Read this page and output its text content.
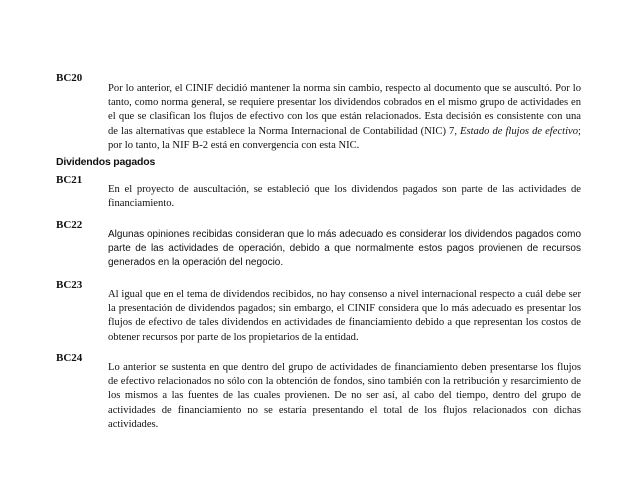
BC20

Por lo anterior, el CINIF decidió mantener la norma sin cambio, respecto al documento que se auscultó. Por lo tanto, como norma general, se requiere presentar los dividendos cobrados en el mismo grupo de actividades en el que se clasifican los flujos de efectivo con los que están relacionados. Esta decisión es consistente con una de las alternativas que establece la Norma Internacional de Contabilidad (NIC) 7, Estado de flujos de efectivo; por lo tanto, la NIF B-2 está en convergencia con esta NIC.

Dividendos pagados

BC21

En el proyecto de auscultación, se estableció que los dividendos pagados son parte de las actividades de financiamiento.

BC22

Algunas opiniones recibidas consideran que lo más adecuado es considerar los dividendos pagados como parte de las actividades de operación, debido a que normalmente estos pagos provienen de recursos generados en la operación del negocio.

BC23

Al igual que en el tema de dividendos recibidos, no hay consenso a nivel internacional respecto a cuál debe ser la presentación de dividendos pagados; sin embargo, el CINIF considera que lo más adecuado es presentar los flujos de efectivo de tales dividendos en actividades de financiamiento debido a que representan los costos de obtener recursos por parte de los propietarios de la entidad.

BC24

Lo anterior se sustenta en que dentro del grupo de actividades de financiamiento deben presentarse los flujos de efectivo relacionados no sólo con la obtención de fondos, sino también con la retribución y resarcimiento de los mismos a las fuentes de las cuales provienen. De no ser así, al cabo del tiempo, dentro del grupo de actividades de financiamiento no se estaría presentando el total de los flujos relacionados con dichas actividades.
